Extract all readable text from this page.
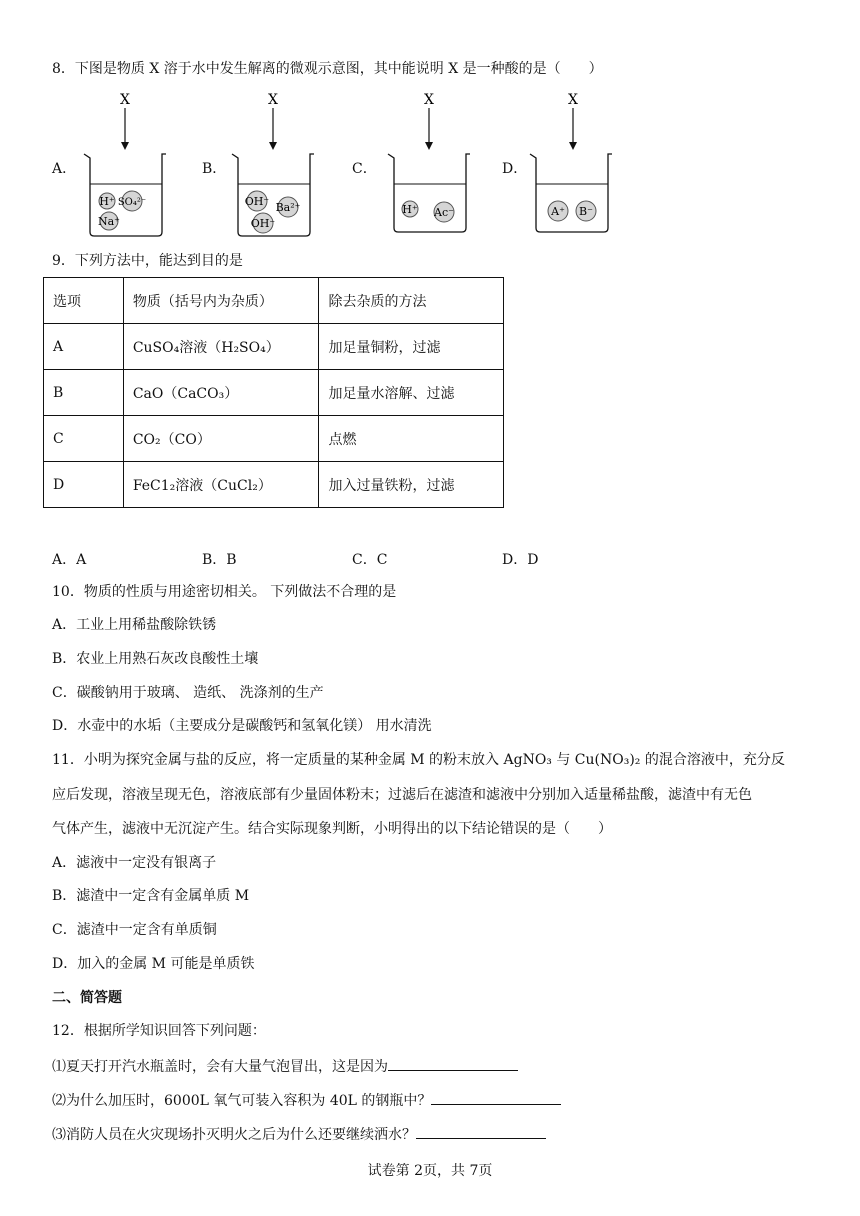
8．下图是物质 X 溶于水中发生解离的微观示意图，其中能说明 X 是一种酸的是（　　）
A．	B．	C．	D．
X
H⁺ SO₄²⁻
Na⁺
X
OH⁻ Ba²⁺
OH⁻
X
H⁺ Ac⁻
X
A⁺ B⁻
9．下列方法中，能达到目的是
选项	物质（括号内为杂质）	除去杂质的方法
A	CuSO₄溶液（H₂SO₄）	加足量铜粉，过滤
B	CaO（CaCO₃）	加足量水溶解、过滤
C	CO₂（CO）	点燃
D	FeC1₂溶液（CuCl₂）	加入过量铁粉，过滤
A．A	B．B	C．C	D．D
10．物质的性质与用途密切相关。 下列做法不合理的是
A．工业上用稀盐酸除铁锈
B．农业上用熟石灰改良酸性土壤
C．碳酸钠用于玻璃、 造纸、 洗涤剂的生产
D．水壶中的水垢（主要成分是碳酸钙和氢氧化镁） 用水清洗
11．小明为探究金属与盐的反应，将一定质量的某种金属 M 的粉末放入 AgNO₃ 与 Cu(NO₃)₂ 的混合溶液中，充分反
应后发现，溶液呈现无色，溶液底部有少量固体粉末；过滤后在滤渣和滤液中分别加入适量稀盐酸，滤渣中有无色
气体产生，滤液中无沉淀产生。结合实际现象判断，小明得出的以下结论错误的是（　　）
A．滤液中一定没有银离子
B．滤渣中一定含有金属单质 M
C．滤渣中一定含有单质铜
D．加入的金属 M 可能是单质铁
二、简答题
12．根据所学知识回答下列问题：
⑴夏天打开汽水瓶盖时，会有大量气泡冒出，这是因为
⑵为什么加压时，6000L 氧气可装入容积为 40L 的钢瓶中？
⑶消防人员在火灾现场扑灭明火之后为什么还要继续洒水？
试卷第 2页，共 7页
